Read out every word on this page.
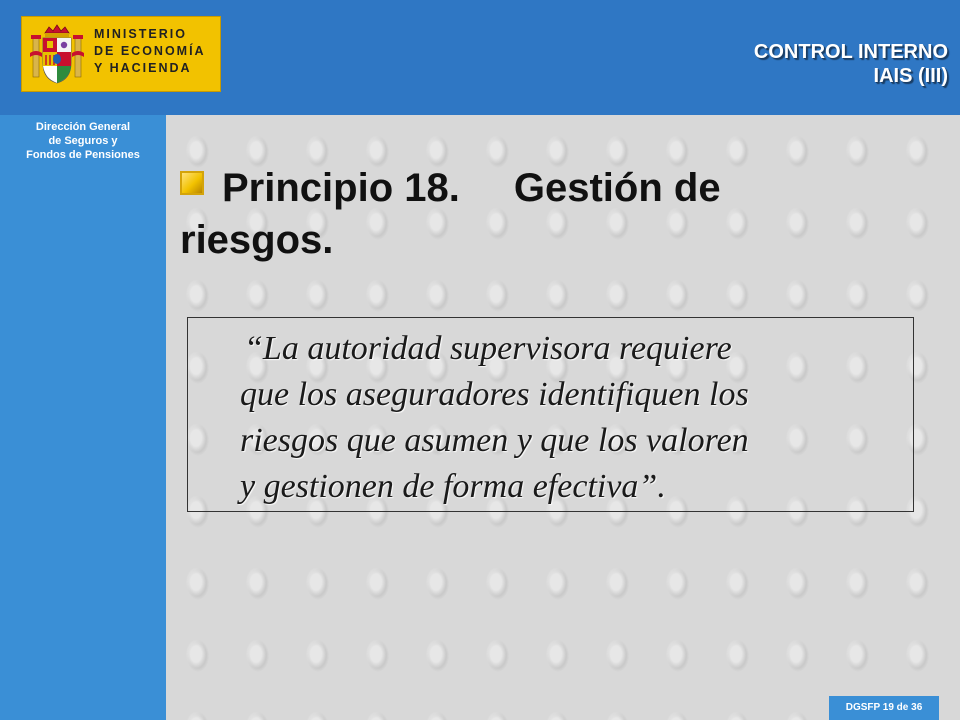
MINISTERIO
DE ECONOMÍA
Y HACIENDA
Dirección General
de Seguros y
Fondos de Pensiones
CONTROL INTERNO
IAIS (III)
Principio 18. Gestión de
riesgos.
“La autoridad supervisora requiere
que los aseguradores identifiquen los
riesgos que asumen y que los valoren
y gestionen de forma efectiva”.
DGSFP 19 de 36
